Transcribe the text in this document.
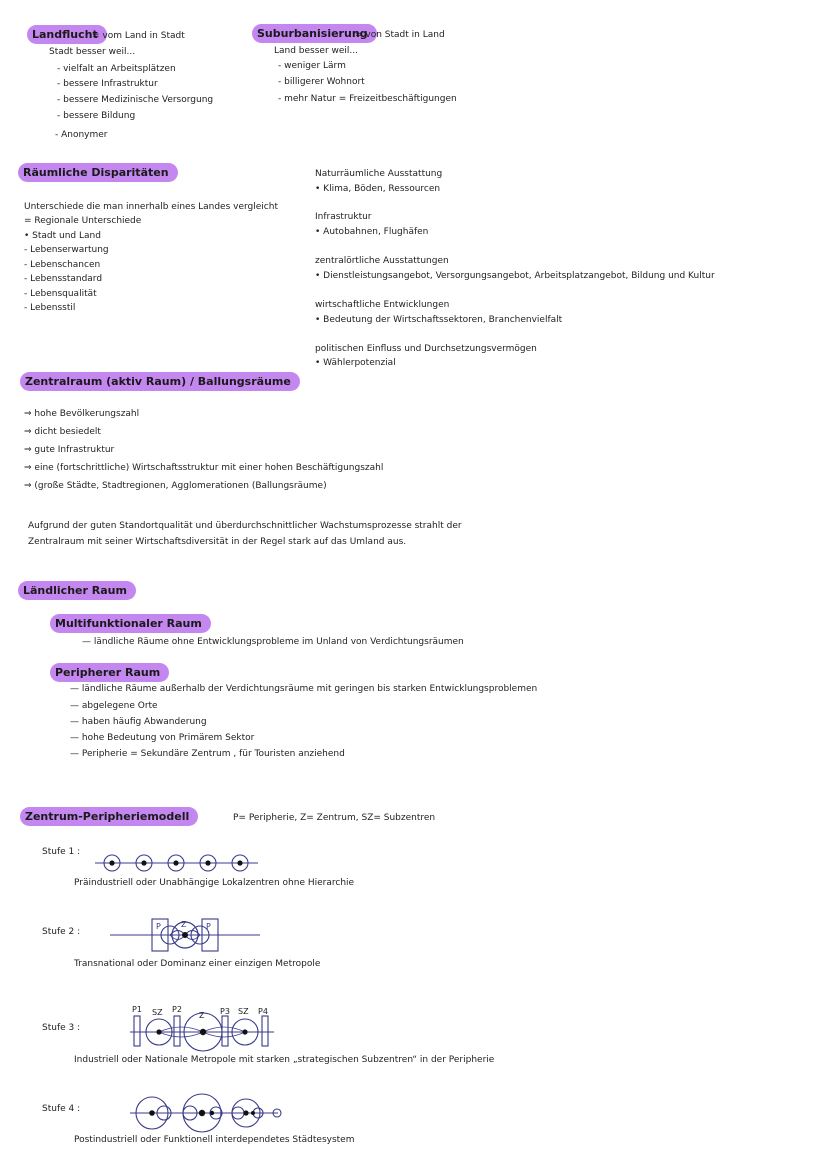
Landflucht
= vom Land in Stadt
Stadt besser weil...
- vielfalt an Arbeitsplätzen
- bessere Infrastruktur
- bessere Medizinische Versorgung
- bessere Bildung
- Anonymer
Suburbanisierung
= von Stadt in Land
Land besser weil...
- weniger Lärm
- billigerer Wohnort
- mehr Natur = Freizeitbeschäftigungen
Räumliche Disparitäten
Unterschiede die man innerhalb eines Landes vergleicht
= Regionale Unterschiede
• Stadt und Land
- Lebenserwartung
- Lebenschancen
- Lebensstandard
- Lebensqualität
- Lebensstil
Naturräumliche Ausstattung
• Klima, Böden, Ressourcen
Infrastruktur
• Autobahnen, Flughäfen
zentralörtliche Ausstattungen
• Dienstleistungsangebot, Versorgungsangebot, Arbeitsplatzangebot, Bildung und Kultur
wirtschaftliche Entwicklungen
• Bedeutung der Wirtschaftssektoren, Branchenvielfalt
politischen Einfluss und Durchsetzungsvermögen
• Wählerpotenzial
Zentralraum (aktiv Raum) / Ballungsräume
⇒ hohe Bevölkerungszahl
⇒ dicht besiedelt
⇒ gute Infrastruktur
⇒ eine (fortschrittliche) Wirtschaftsstruktur mit einer hohen Beschäftigungszahl
⇒ (große Städte, Stadtregionen, Agglomerationen (Ballungsräume)
Aufgrund der guten Standortqualität und überdurchschnittlicher Wachstumsprozesse strahlt der
Zentralraum mit seiner Wirtschaftsdiversität in der Regel stark auf das Umland aus.
Ländlicher Raum
Multifunktionaler Raum
— ländliche Räume ohne Entwicklungsprobleme im Unland von Verdichtungsräumen
Peripherer Raum
— ländliche Räume außerhalb der Verdichtungsräume mit geringen bis starken Entwicklungsproblemen
— abgelegene Orte
— haben häufig Abwanderung
— hohe Bedeutung von Primärem Sektor
— Peripherie = Sekundäre Zentrum , für Touristen anziehend
Zentrum-Peripheriemodell	P= Peripherie, Z= Zentrum, SZ= Subzentren
Stufe 1 :
Präindustriell oder Unabhängige Lokalzentren ohne Hierarchie
Stufe 2 :
Transnational oder Dominanz einer einzigen Metropole
Stufe 3 :
Industriell oder Nationale Metropole mit starken „strategischen Subzentren“ in der Peripherie
Stufe 4 :
Postindustriell oder Funktionell interdependetes Städtesystem
P	Z P
P1 SZ P2
Z P3 SZ P4
